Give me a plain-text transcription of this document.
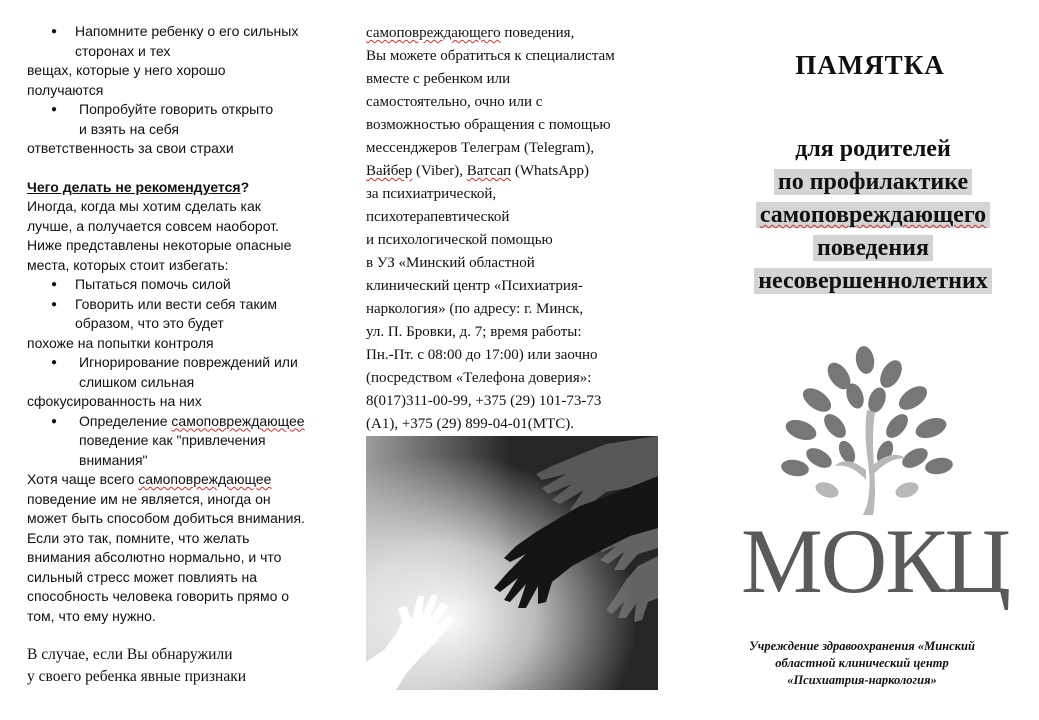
● Напомните ребенку о его сильных
сторонах и тех

вещах, которые у него хорошо
получаются

● Попробуйте говорить открыто
и взять на себя

ответственность за свои страхи

Чего делать не рекомендуется?

Иногда, когда мы хотим сделать как
лучше, а получается совсем наоборот.
Ниже представлены некоторые опасные
места, которых стоит избегать:

● Пытаться помочь силой

● Говорить или вести себя таким
образом, что это будет

похоже на попытки контроля

● Игнорирование повреждений или
слишком сильная

сфокусированность на них

● Определение самоповреждающее
поведение как "привлечения
внимания"

Хотя чаще всего самоповреждающее
поведение им не является, иногда он
может быть способом добиться внимания.
Если это так, помните, что желать
внимания абсолютно нормально, и что
сильный стресс может повлиять на
способность человека говорить прямо о
том, что ему нужно.

В случае, если Вы обнаружили
у своего ребенка явные признаки

самоповреждающего поведения,

Вы можете обратиться к специалистам

вместе с ребенком или

самостоятельно, очно или с

возможностью обращения с помощью

мессенджеров Телеграм (Telegram),

Вайбер (Viber), Ватсап (WhatsApp)

за психиатрической,

психотерапевтической

и психологической помощью

в УЗ «Минский областной

клинический центр «Психиатрия-

наркология» (по адресу: г. Минск,

ул. П. Бровки, д. 7; время работы:

Пн.-Пт. с 08:00 до 17:00) или заочно

(посредством «Телефона доверия»:

8(017)311-00-99, +375 (29) 101-73-73

(А1), +375 (29) 899-04-01(МТС).

ПАМЯТКА
для родителей
по профилактике
самоповреждающего
поведения
несовершеннолетних
МОКЦ
Учреждение здравоохранения «Минский
областной клинический центр
«Психиатрия-наркология»
